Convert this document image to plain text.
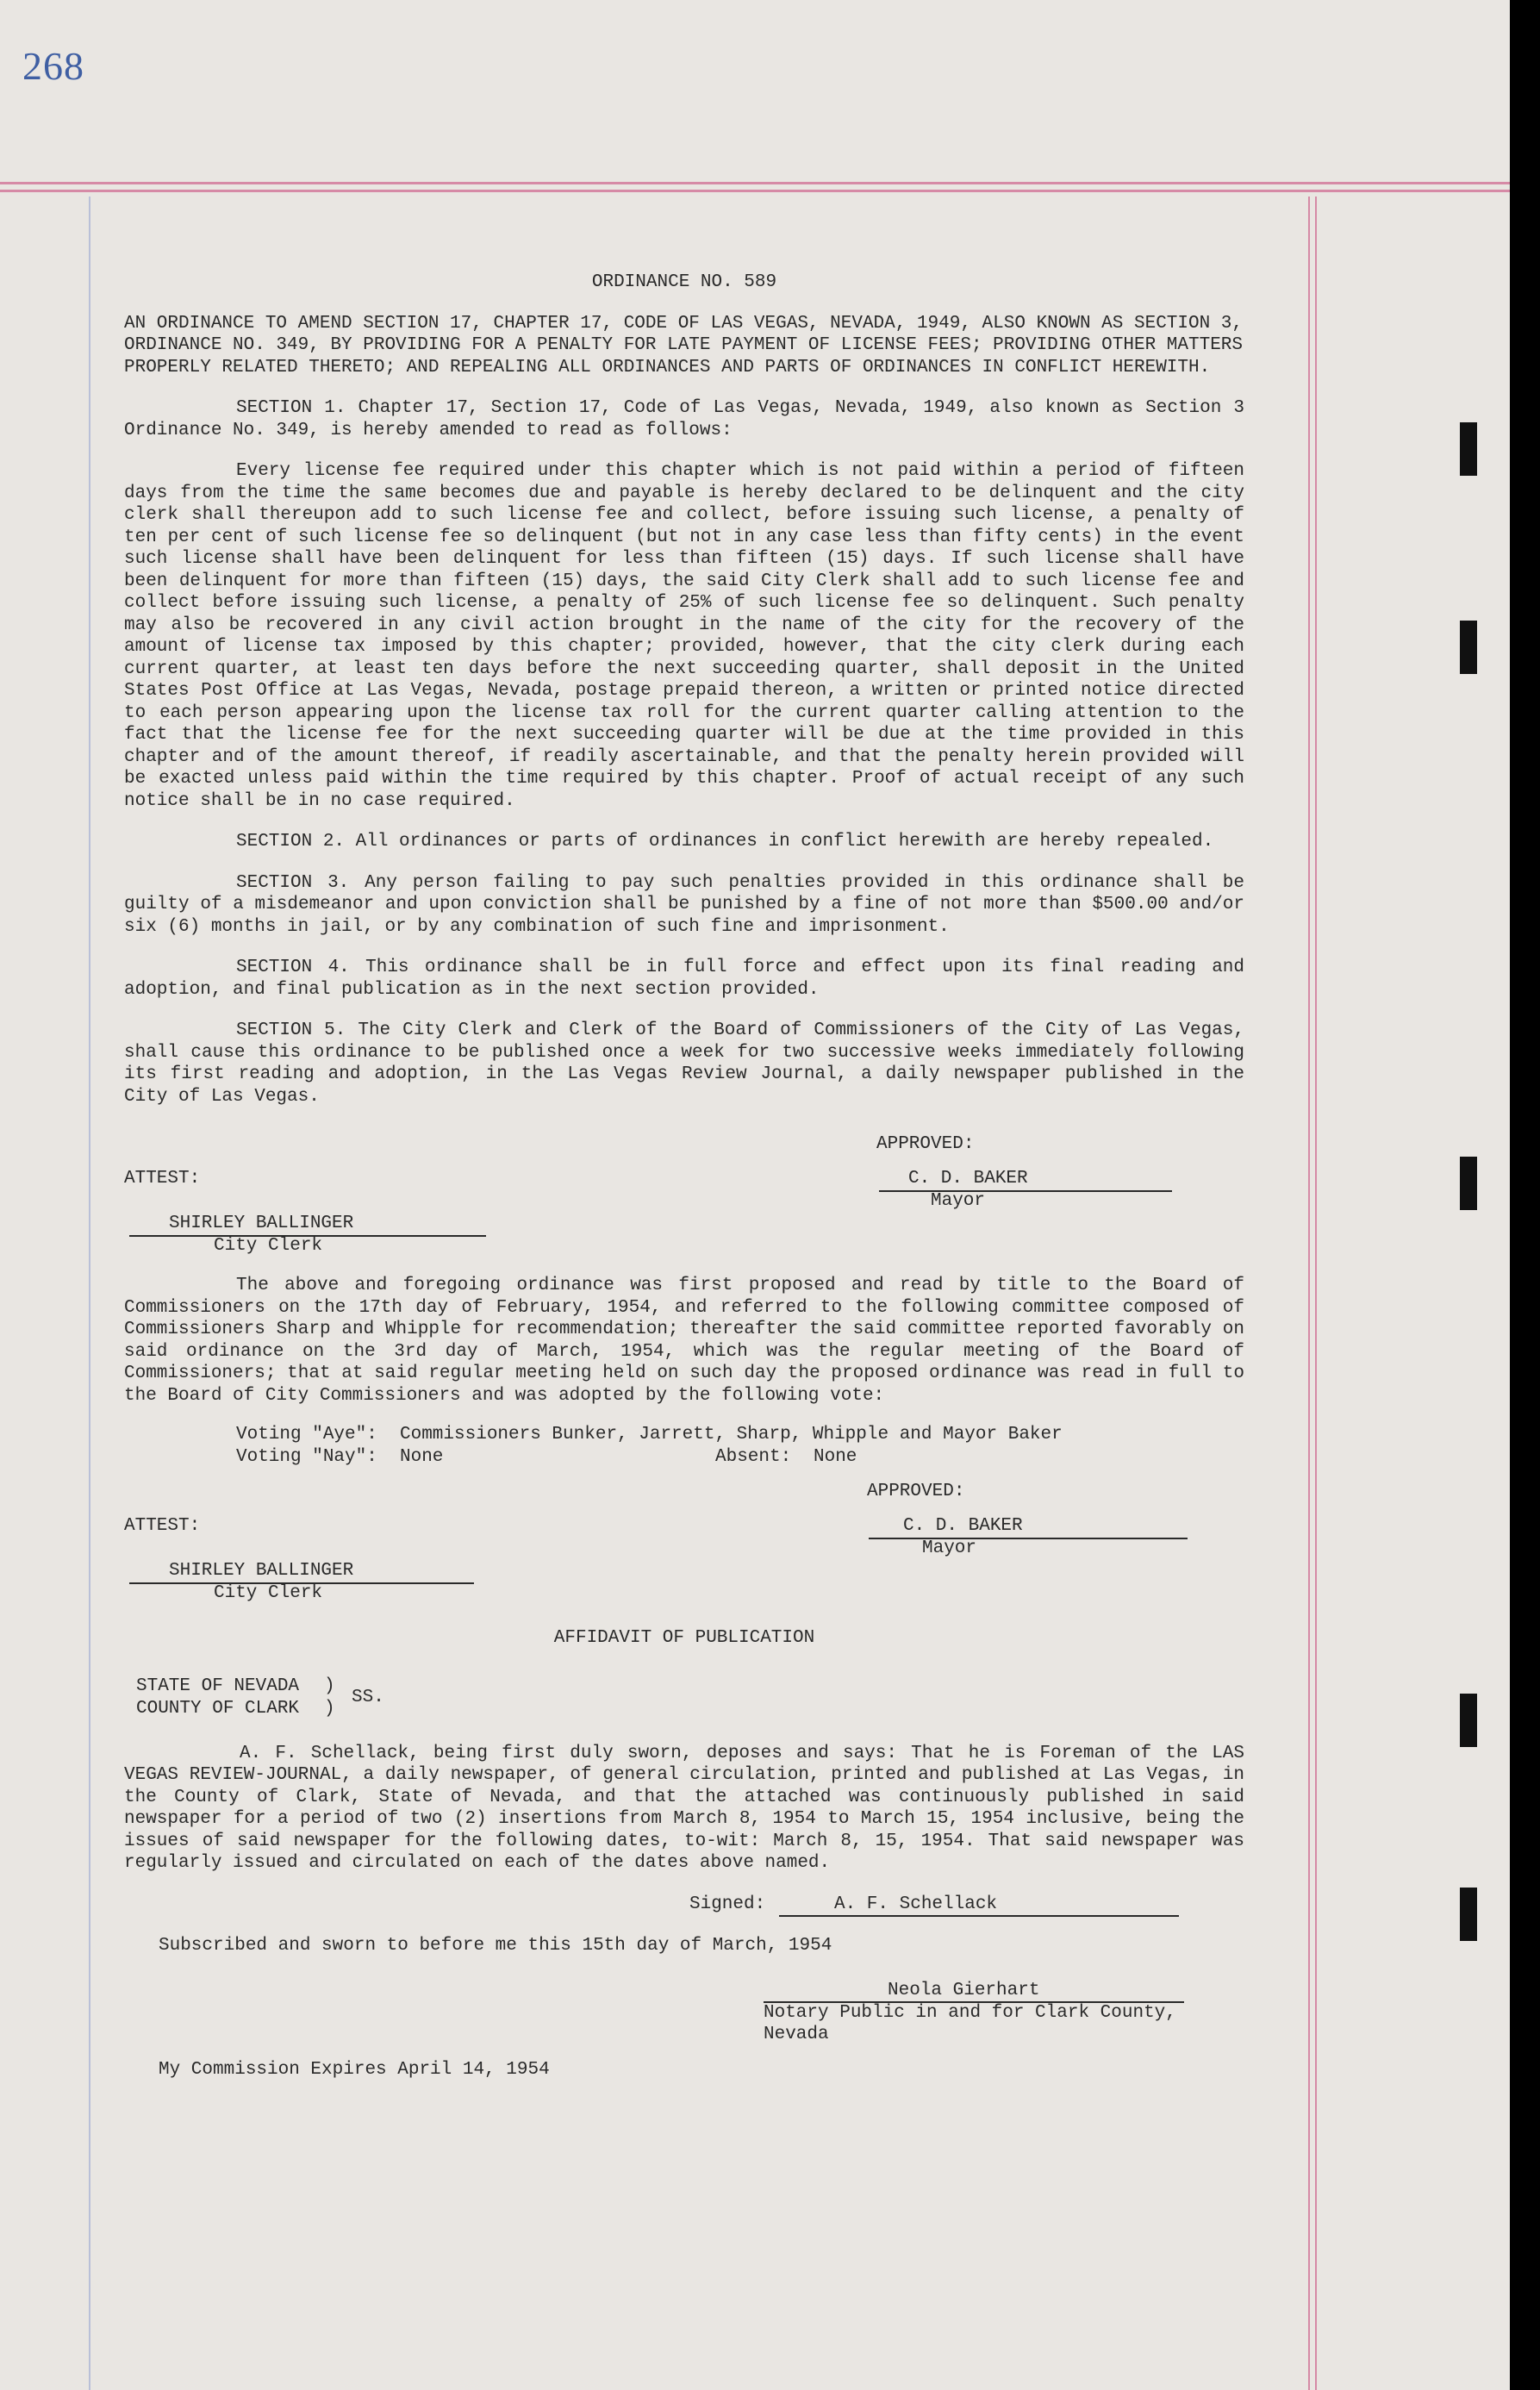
268

ORDINANCE NO. 589

AN ORDINANCE TO AMEND SECTION 17, CHAPTER 17, CODE OF LAS VEGAS, NEVADA, 1949, ALSO KNOWN AS SECTION 3,

ORDINANCE NO. 349, BY PROVIDING FOR A PENALTY FOR LATE PAYMENT OF LICENSE FEES; PROVIDING OTHER MATTERS

PROPERLY RELATED THERETO; AND REPEALING ALL ORDINANCES AND PARTS OF ORDINANCES IN CONFLICT HEREWITH.

SECTION 1. Chapter 17, Section 17, Code of Las Vegas, Nevada, 1949, also known as Section 3 Ordinance No. 349, is hereby amended to read as follows:

Every license fee required under this chapter which is not paid within a period of fifteen days from the time the same becomes due and payable is hereby declared to be delinquent and the city clerk shall thereupon add to such license fee and collect, before issuing such license, a penalty of ten per cent of such license fee so delinquent (but not in any case less than fifty cents) in the event such license shall have been delinquent for less than fifteen (15) days. If such license shall have been delinquent for more than fifteen (15) days, the said City Clerk shall add to such license fee and collect before issuing such license, a penalty of 25% of such license fee so delinquent. Such penalty may also be recovered in any civil action brought in the name of the city for the recovery of the amount of license tax imposed by this chapter; provided, however, that the city clerk during each current quarter, at least ten days before the next succeeding quarter, shall deposit in the United States Post Office at Las Vegas, Nevada, postage prepaid thereon, a written or printed notice directed to each person appearing upon the license tax roll for the current quarter calling attention to the fact that the license fee for the next succeeding quarter will be due at the time provided in this chapter and of the amount thereof, if readily ascertainable, and that the penalty herein provided will be exacted unless paid within the time required by this chapter. Proof of actual receipt of any such notice shall be in no case required.

SECTION 2. All ordinances or parts of ordinances in conflict herewith are hereby repealed.

SECTION 3. Any person failing to pay such penalties provided in this ordinance shall be guilty of a misdemeanor and upon conviction shall be punished by a fine of not more than $500.00 and/or six (6) months in jail, or by any combination of such fine and imprisonment.

SECTION 4. This ordinance shall be in full force and effect upon its final reading and adoption, and final publication as in the next section provided.

SECTION 5. The City Clerk and Clerk of the Board of Commissioners of the City of Las Vegas, shall cause this ordinance to be published once a week for two successive weeks immediately following its first reading and adoption, in the Las Vegas Review Journal, a daily newspaper published in the City of Las Vegas.

APPROVED:
ATTEST:	C. D. BAKER
Mayor
SHIRLEY BALLINGER
City Clerk

The above and foregoing ordinance was first proposed and read by title to the Board of Commissioners on the 17th day of February, 1954, and referred to the following committee composed of Commissioners Sharp and Whipple for recommendation; thereafter the said committee reported favorably on said ordinance on the 3rd day of March, 1954, which was the regular meeting of the Board of Commissioners; that at said regular meeting held on such day the proposed ordinance was read in full to the Board of City Commissioners and was adopted by the following vote:

Voting "Aye": Commissioners Bunker, Jarrett, Sharp, Whipple and Mayor Baker
Voting "Nay": None	Absent: None
APPROVED:
ATTEST:	C. D. BAKER
Mayor
SHIRLEY BALLINGER
City Clerk

AFFIDAVIT OF PUBLICATION

STATE OF NEVADA )
SS.
COUNTY OF CLARK )

A. F. Schellack, being first duly sworn, deposes and says: That he is Foreman of the LAS VEGAS REVIEW-JOURNAL, a daily newspaper, of general circulation, printed and published at Las Vegas, in the County of Clark, State of Nevada, and that the attached was continuously published in said newspaper for a period of two (2) insertions from March 8, 1954 to March 15, 1954 inclusive, being the issues of said newspaper for the following dates, to-wit: March 8, 15, 1954. That said newspaper was regularly issued and circulated on each of the dates above named.

Signed:	A. F. Schellack
Subscribed and sworn to before me this 15th day of March, 1954
Neola Gierhart
Notary Public in and for Clark County, Nevada
My Commission Expires April 14, 1954
